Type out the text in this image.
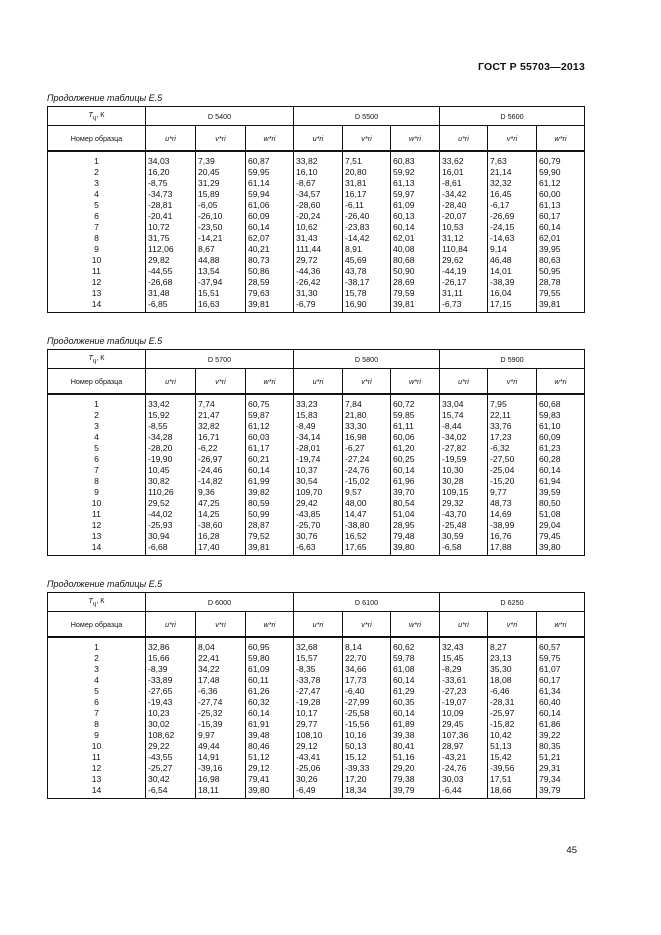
ГОСТ Р 55703—2013
Продолжение таблицы Е.5
$Т_ц$, К	D 5400			D 5500			D 5600		
Номер образца	u*ri	v*ri	w*ri	u*ri	v*ri	w*ri	u*ri	v*ri	w*ri
1	34,03	7,39	60,87	33,82	7,51	60,83	33,62	7,63	60,79
2	16,20	20,45	59,95	16,10	20,80	59,92	16,01	21,14	59,90
3	-8,75	31,29	61,14	-8,67	31,81	61,13	-8,61	32,32	61,12
4	-34,73	15,89	59,94	-34,57	16,17	59,97	-34,42	16,45	60,00
5	-28,81	-6,05	61,06	-28,60	-6,11	61,09	-28,40	-6,17	61,13
6	-20,41	-26,10	60,09	-20,24	-26,40	60,13	-20,07	-26,69	60,17
7	10,72	-23,50	60,14	10,62	-23,83	60,14	10,53	-24,15	60,14
8	31,75	-14,21	62,07	31,43	-14,42	62,01	31,12	-14,63	62,01
9	112,06	8,67	40,21	111,44	8,91	40,08	110,84	9,14	39,95
10	29,82	44,88	80,73	29,72	45,69	80,68	29,62	46,48	80,63
11	-44,55	13,54	50,86	-44,36	43,78	50,90	-44,19	14,01	50,95
12	-26,68	-37,94	28,59	-26,42	-38,17	28,69	-26,17	-38,39	28,78
13	31,48	15,51	79,63	31,30	15,78	79,59	31,11	16,04	79,55
14	-6,85	16,63	39,81	-6,79	16,90	39,81	-6,73	17,15	39,81
Продолжение таблицы Е.5
$Т_ц$, К	D 5700			D 5800			D 5900		
Номер образца	u*ri	v*ri	w*ri	u*ri	v*ri	w*ri	u*ri	v*ri	w*ri
1	33,42	7,74	60,75	33,23	7,84	60,72	33,04	7,95	60,68
2	15,92	21,47	59,87	15,83	21,80	59,85	15,74	22,11	59,83
3	-8,55	32,82	61,12	-8,49	33,30	61,11	-8,44	33,76	61,10
4	-34,28	16,71	60,03	-34,14	16,98	60,06	-34,02	17,23	60,09
5	-28,20	-6,22	61,17	-28,01	-6,27	61,20	-27,82	-6,32	61,23
6	-19,90	-26,97	60,21	-19,74	-27,24	60,25	-19,59	-27,50	60,28
7	10,45	-24,46	60,14	10,37	-24,76	60,14	10,30	-25,04	60,14
8	30,82	-14,82	61,99	30,54	-15,02	61,96	30,28	-15,20	61,94
9	110,26	9,36	39,82	109,70	9,57	39,70	109,15	9,77	39,59
10	29,52	47,25	80,59	29,42	48,00	80,54	29,32	48,73	80,50
11	-44,02	14,25	50,99	-43,85	14,47	51,04	-43,70	14,69	51,08
12	-25,93	-38,60	28,87	-25,70	-38,80	28,95	-25,48	-38,99	29,04
13	30,94	16,28	79,52	30,76	16,52	79,48	30,59	16,76	79,45
14	-6,68	17,40	39,81	-6,63	17,65	39,80	-6,58	17,88	39,80
Продолжение таблицы Е.5
$Т_ц$, К	D 6000			D 6100			D 6250		
Номер образца	u*ri	v*ri	w*ri	u*ri	v*ri	w*ri	u*ri	v*ri	w*ri
1	32,86	8,04	60,95	32,68	8,14	60,62	32,43	8,27	60,57
2	15,66	22,41	59,80	15,57	22,70	59,78	15,45	23,13	59,75
3	-8,39	34,22	61,09	-8,35	34,66	61,08	-8,29	35,30	61,07
4	-33,89	17,48	60,11	-33,78	17,73	60,14	-33,61	18,08	60,17
5	-27,65	-6,36	61,26	-27,47	-6,40	61,29	-27,23	-6,46	61,34
6	-19,43	-27,74	60,32	-19,28	-27,99	60,35	-19,07	-28,31	60,40
7	10,23	-25,32	60,14	10,17	-25,58	60,14	10,09	-25,97	60,14
8	30,02	-15,39	61,91	29,77	-15,56	61,89	29,45	-15,82	61,86
9	108,62	9,97	39,48	108,10	10,16	39,38	107,36	10,42	39,22
10	29,22	49,44	80,46	29,12	50,13	80,41	28,97	51,13	80,35
11	-43,55	14,91	51,12	-43,41	15,12	51,16	-43,21	15,42	51,21
12	-25,27	-39,16	29,12	-25,06	-39,33	29,20	-24,76	-39,56	29,31
13	30,42	16,98	79,41	30,26	17,20	79,38	30,03	17,51	79,34
14	-6,54	18,11	39,80	-6,49	18,34	39,79	-6,44	18,66	39,79
45
